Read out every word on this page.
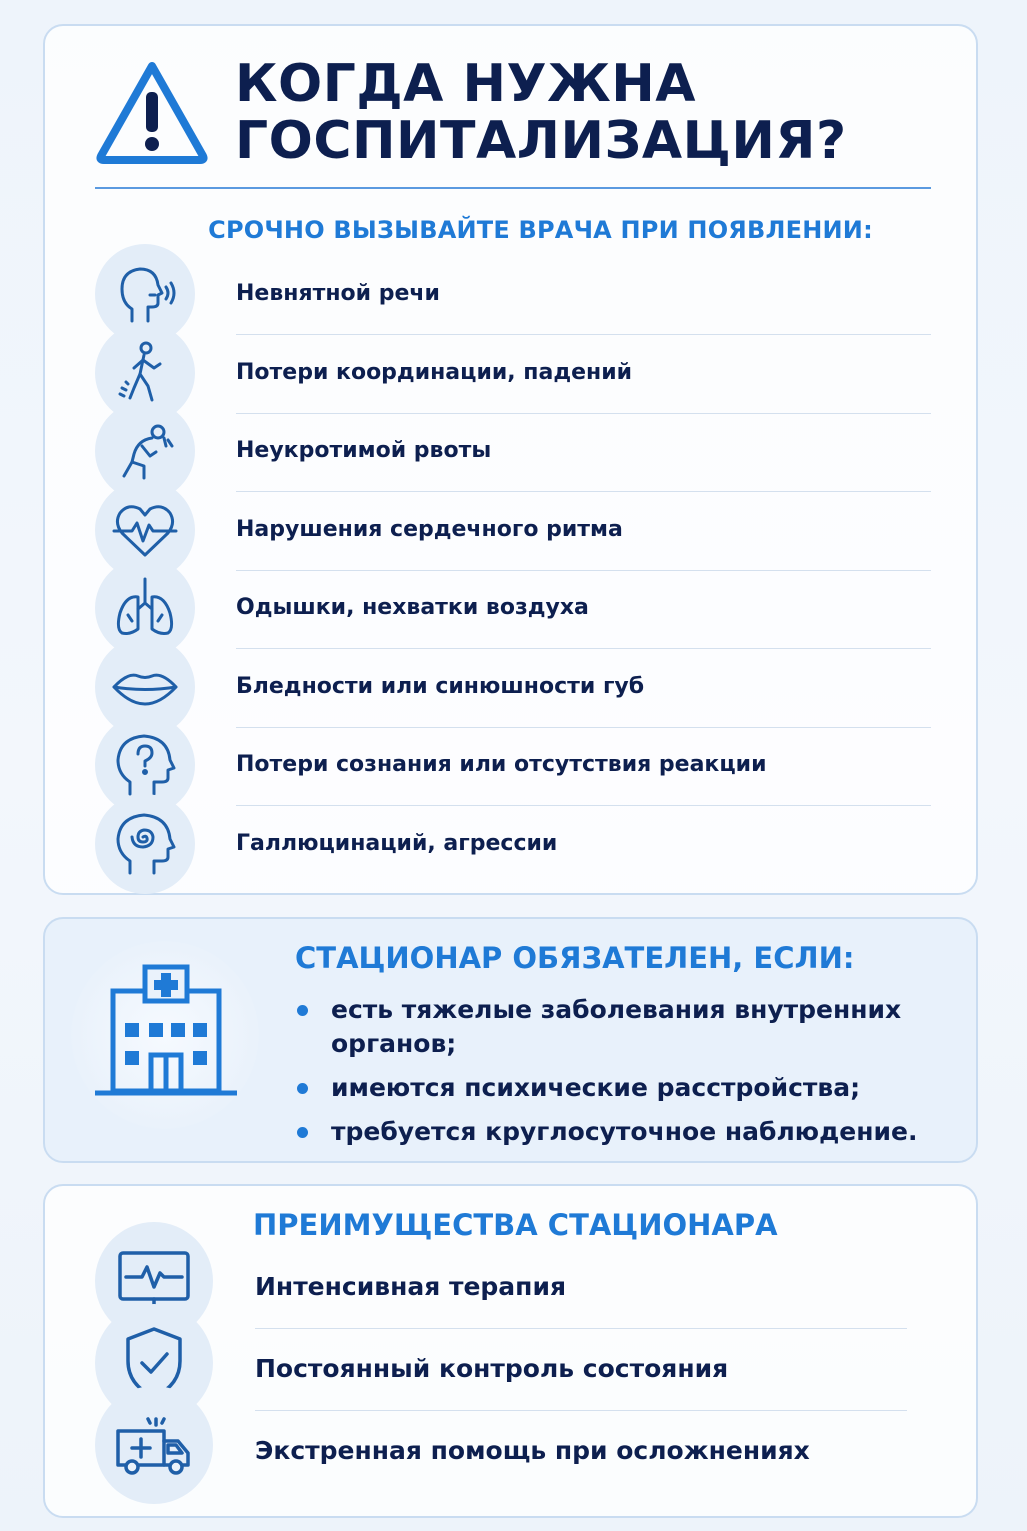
КОГДА НУЖНА
ГОСПИТАЛИЗАЦИЯ?
СРОЧНО ВЫЗЫВАЙТЕ ВРАЧА ПРИ ПОЯВЛЕНИИ:
Невнятной речи
Потери координации, падений
Неукротимой рвоты
Нарушения сердечного ритма
Одышки, нехватки воздуха
Бледности или синюшности губ
Потери сознания или отсутствия реакции
Галлюцинаций, агрессии
СТАЦИОНАР ОБЯЗАТЕЛЕН, ЕСЛИ:
есть тяжелые заболевания внутренних органов;
имеются психические расстройства;
требуется круглосуточное наблюдение.
ПРЕИМУЩЕСТВА СТАЦИОНАРА
Интенсивная терапия
Постоянный контроль состояния
Экстренная помощь при осложнениях
